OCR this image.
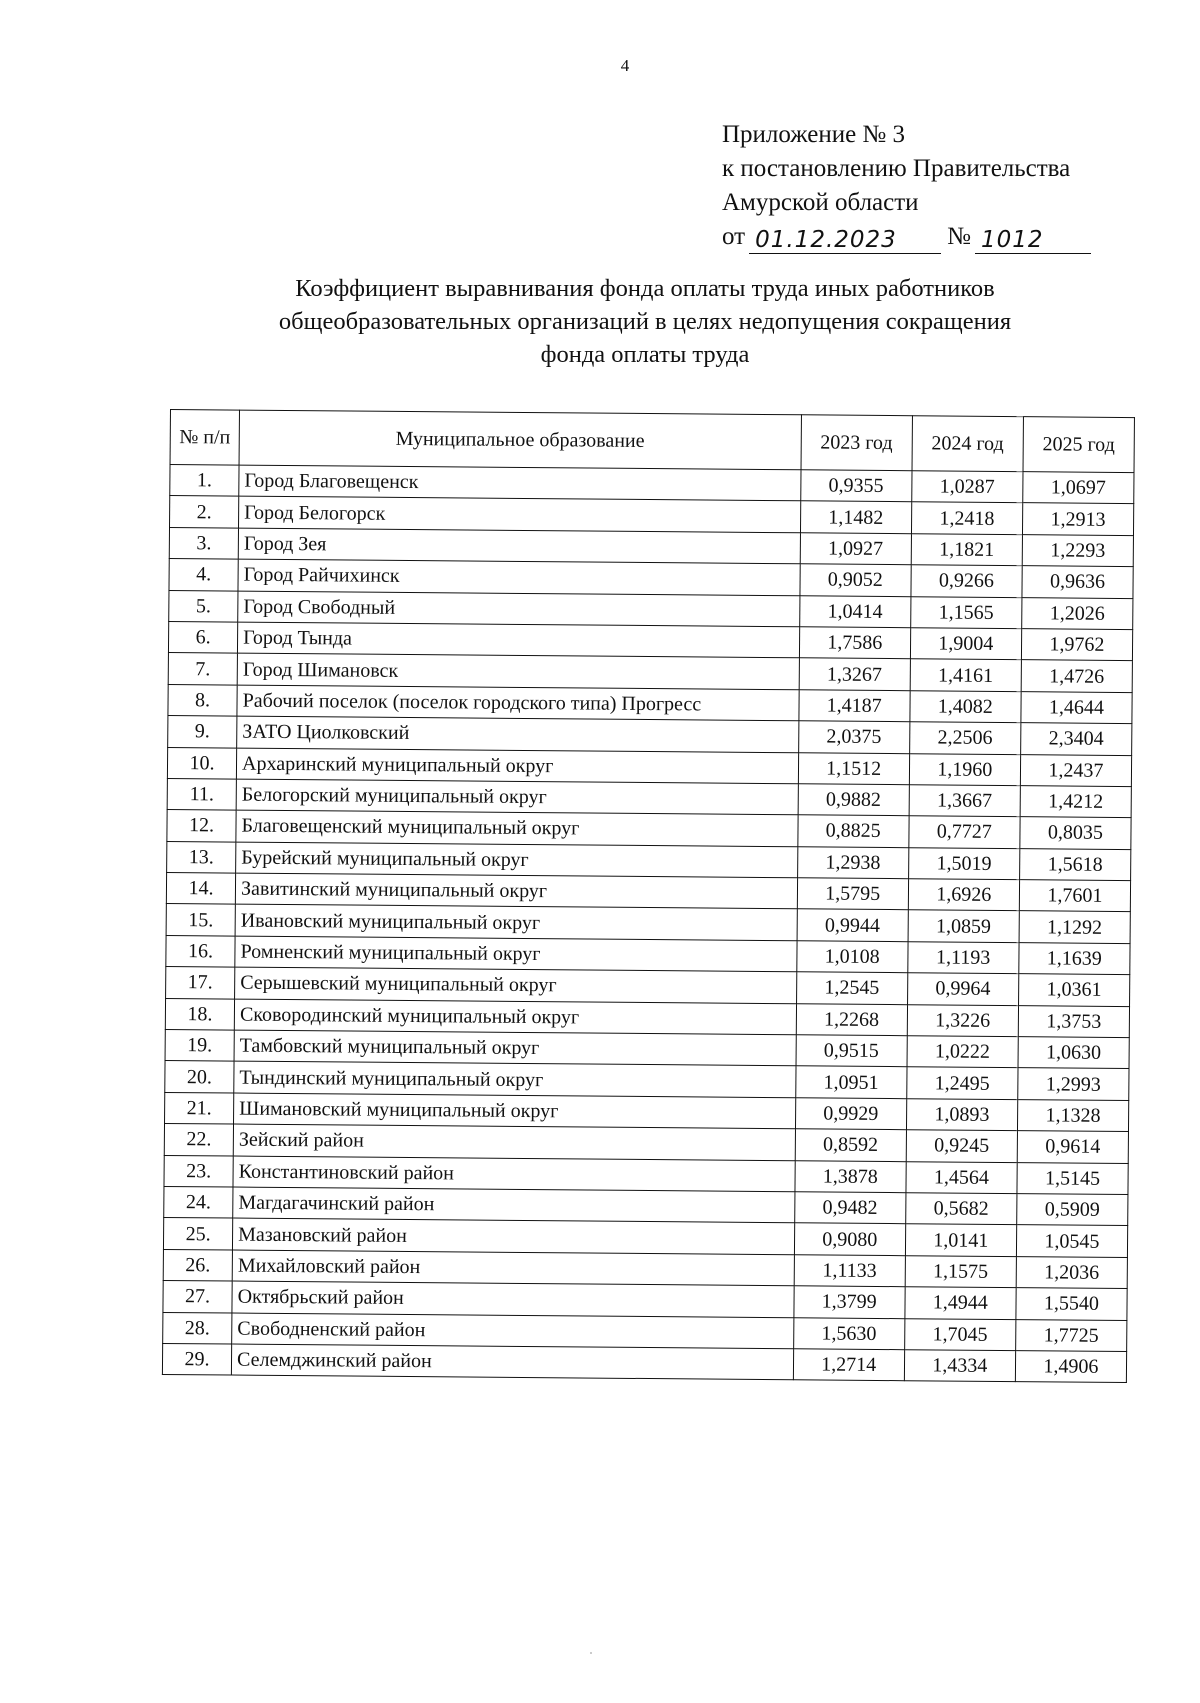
4
Приложение № 3
к постановлению Правительства
Амурской области
от 01.12.2023	№ 1012
Коэффициент выравнивания фонда оплаты труда иных работников
общеобразовательных организаций в целях недопущения сокращения
фонда оплаты труда
№ п/п	Муниципальное образование	2023 год	2024 год	2025 год
1.	Город Благовещенск	0,9355	1,0287	1,0697
2.	Город Белогорск	1,1482	1,2418	1,2913
3.	Город Зея	1,0927	1,1821	1,2293
4.	Город Райчихинск	0,9052	0,9266	0,9636
5.	Город Свободный	1,0414	1,1565	1,2026
6.	Город Тында	1,7586	1,9004	1,9762
7.	Город Шимановск	1,3267	1,4161	1,4726
8.	Рабочий поселок (поселок городского типа) Прогресс	1,4187	1,4082	1,4644
9.	ЗАТО Циолковский	2,0375	2,2506	2,3404
10.	Архаринский муниципальный округ	1,1512	1,1960	1,2437
11.	Белогорский муниципальный округ	0,9882	1,3667	1,4212
12.	Благовещенский муниципальный округ	0,8825	0,7727	0,8035
13.	Бурейский муниципальный округ	1,2938	1,5019	1,5618
14.	Завитинский муниципальный округ	1,5795	1,6926	1,7601
15.	Ивановский муниципальный округ	0,9944	1,0859	1,1292
16.	Ромненский муниципальный округ	1,0108	1,1193	1,1639
17.	Серышевский муниципальный округ	1,2545	0,9964	1,0361
18.	Сковородинский муниципальный округ	1,2268	1,3226	1,3753
19.	Тамбовский муниципальный округ	0,9515	1,0222	1,0630
20.	Тындинский муниципальный округ	1,0951	1,2495	1,2993
21.	Шимановский муниципальный округ	0,9929	1,0893	1,1328
22.	Зейский район	0,8592	0,9245	0,9614
23.	Константиновский район	1,3878	1,4564	1,5145
24.	Магдагачинский район	0,9482	0,5682	0,5909
25.	Мазановский район	0,9080	1,0141	1,0545
26.	Михайловский район	1,1133	1,1575	1,2036
27.	Октябрьский район	1,3799	1,4944	1,5540
28.	Свободненский район	1,5630	1,7045	1,7725
29.	Селемджинский район	1,2714	1,4334	1,4906
